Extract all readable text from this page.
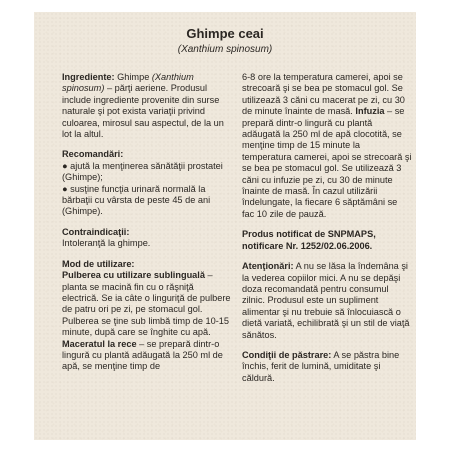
Ghimpe ceai
(Xanthium spinosum)
Ingrediente: Ghimpe (Xanthium spinosum) – părţi aeriene. Produsul include ingrediente provenite din surse naturale şi pot exista variaţii privind culoarea, mirosul sau aspectul, de la un lot la altul.
Recomandări:
● ajută la menţinerea sănătăţii prostatei (Ghimpe);
● susţine funcţia urinară normală la bărbaţii cu vârsta de peste 45 de ani (Ghimpe).
Contraindicaţii:
Intoleranţă la ghimpe.
Mod de utilizare:
Pulberea cu utilizare sublinguală – planta se macină fin cu o răşniţă electrică. Se ia câte o linguriţă de pulbere de patru ori pe zi, pe stomacul gol. Pulberea se ţine sub limbă timp de 10-15 minute, după care se înghite cu apă.
Maceratul la rece – se prepară dintr-o lingură cu plantă adăugată la 250 ml de apă, se menţine timp de
6-8 ore la temperatura camerei, apoi se strecoară şi se bea pe stomacul gol. Se utilizează 3 căni cu macerat pe zi, cu 30 de minute înainte de masă. Infuzia – se prepară dintr-o lingură cu plantă adăugată la 250 ml de apă clocotită, se menţine timp de 15 minute la temperatura camerei, apoi se strecoară şi se bea pe stomacul gol. Se utilizează 3 căni cu infuzie pe zi, cu 30 de minute înainte de masă. În cazul utilizării îndelungate, la fiecare 6 săptămâni se fac 10 zile de pauză.
Produs notificat de SNPMAPS, notificare Nr. 1252/02.06.2006.
Atenţionări: A nu se lăsa la îndemâna şi la vederea copiilor mici. A nu se depăşi doza recomandată pentru consumul zilnic. Produsul este un supliment alimentar şi nu trebuie să înlocuiască o dietă variată, echilibrată şi un stil de viaţă sănătos.
Condiţii de păstrare: A se păstra bine închis, ferit de lumină, umiditate şi căldură.
